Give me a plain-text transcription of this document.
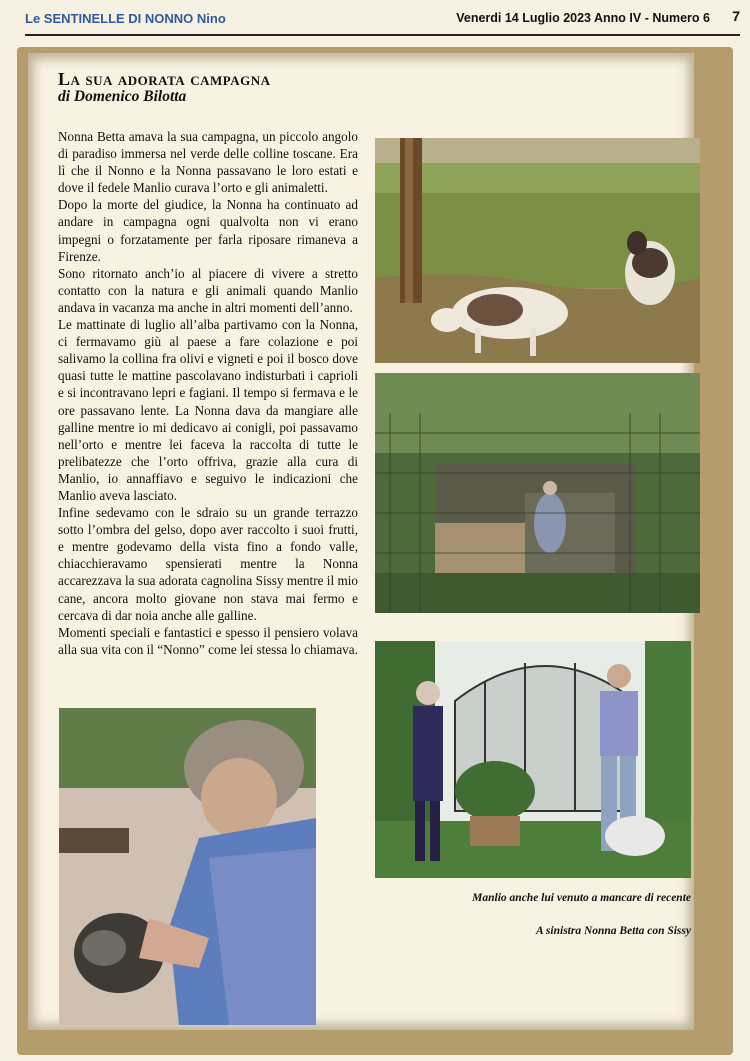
Le SENTINELLE DI NONNO Nino	Venerdi 14 Luglio 2023 Anno IV - Numero 6 7
La sua adorata campagna
di Domenico Bilotta

Nonna Betta amava la sua campagna, un piccolo angolo di paradiso immersa nel verde delle colline toscane. Era lì che il Nonno e la Nonna passavano le loro estati e dove il fedele Manlio curava l’orto e gli animaletti.

Dopo la morte del giudice, la Nonna ha continuato ad andare in campagna ogni qualvolta non vi erano impegni o forzatamente per farla riposare rimaneva a Firenze.

Sono ritornato anch’io al piacere di vivere a stretto contatto con la natura e gli animali quando Manlio andava in vacanza ma anche in altri momenti dell’anno.

Le mattinate di luglio all’alba partivamo con la Nonna, ci fermavamo giù al paese a fare colazione e poi salivamo la collina fra olivi e vigneti e poi il bosco dove quasi tutte le mattine pascolavano indisturbati i caprioli e si incontravano lepri e fagiani. Il tempo si fermava e le ore passavano lente. La Nonna dava da mangiare alle galline mentre io mi dedicavo ai conigli, poi passavamo nell’orto e mentre lei faceva la raccolta di tutte le prelibatezze che l’orto offriva, grazie alla cura di Manlio, io annaffiavo e seguivo le indicazioni che Manlio aveva lasciato.

Infine sedevamo con le sdraio su un grande terrazzo sotto l’ombra del gelso, dopo aver raccolto i suoi frutti, e mentre godevamo della vista fino a fondo valle, chiacchieravamo spensierati mentre la Nonna accarezzava la sua adorata cagnolina Sissy mentre il mio cane, ancora molto giovane non stava mai fermo e cercava di dar noia anche alle galline.

Momenti speciali e fantastici e spesso il pensiero volava alla sua vita con il “Nonno” come lei stessa lo chiamava.

Manlio anche lui venuto a mancare di recente
A sinistra Nonna Betta con Sissy
